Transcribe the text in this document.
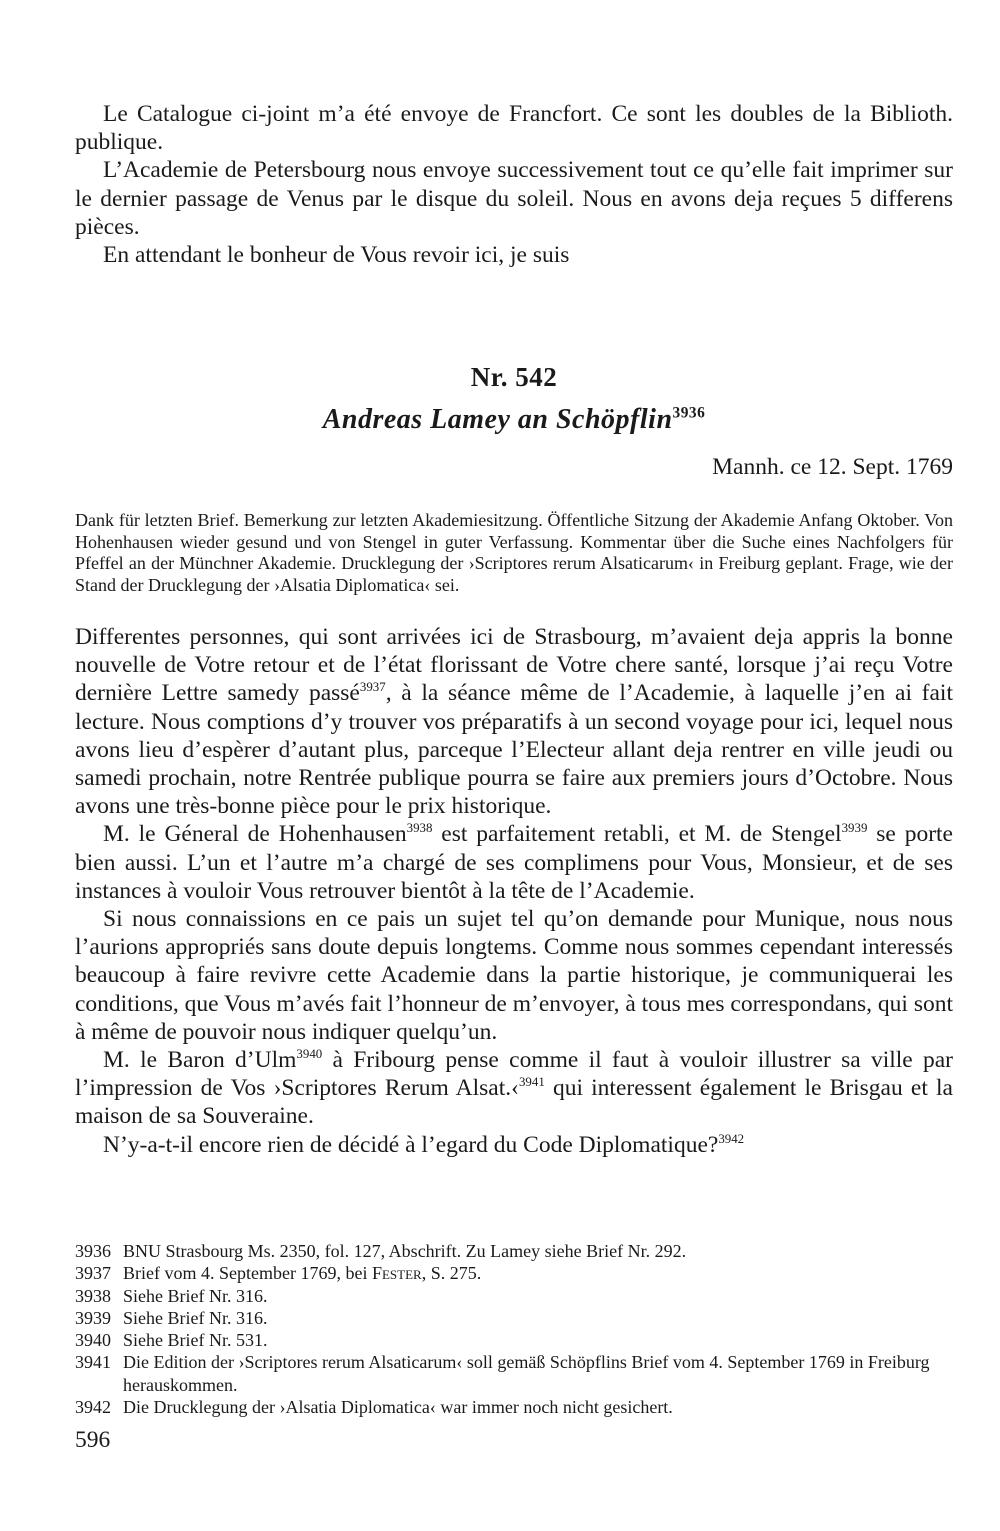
Le Catalogue ci-joint m’a été envoye de Francfort. Ce sont les doubles de la Biblioth. publique.

L’Academie de Petersbourg nous envoye successivement tout ce qu’elle fait imprimer sur le dernier passage de Venus par le disque du soleil. Nous en avons deja reçues 5 differens pièces.

En attendant le bonheur de Vous revoir ici, je suis

Nr. 542
Andreas Lamey an Schöpflin$^{3936}$

Mannh. ce 12. Sept. 1769

Dank für letzten Brief. Bemerkung zur letzten Akademiesitzung. Öffentliche Sitzung der Akademie Anfang Oktober. Von Hohenhausen wieder gesund und von Stengel in guter Verfassung. Kommentar über die Suche eines Nachfolgers für Pfeffel an der Münchner Akademie. Drucklegung der ›Scriptores rerum Alsaticarum‹ in Freiburg geplant. Frage, wie der Stand der Drucklegung der ›Alsatia Diplomatica‹ sei.

Differentes personnes, qui sont arrivées ici de Strasbourg, m’avaient deja appris la bonne nouvelle de Votre retour et de l’état florissant de Votre chere santé, lorsque j’ai reçu Votre dernière Lettre samedy passé$^{3937}$, à la séance même de l’Academie, à laquelle j’en ai fait lecture. Nous comptions d’y trouver vos préparatifs à un second voyage pour ici, lequel nous avons lieu d’espèrer d’autant plus, parceque l’Electeur allant deja rentrer en ville jeudi ou samedi prochain, notre Rentrée publique pourra se faire aux premiers jours d’Octobre. Nous avons une très-bonne pièce pour le prix historique.

M. le Géneral de Hohenhausen$^{3938}$ est parfaitement retabli, et M. de Stengel$^{3939}$ se porte bien aussi. L’un et l’autre m’a chargé de ses complimens pour Vous, Monsieur, et de ses instances à vouloir Vous retrouver bientôt à la tête de l’Academie.

Si nous connaissions en ce pais un sujet tel qu’on demande pour Munique, nous nous l’aurions appropriés sans doute depuis longtems. Comme nous sommes cependant interessés beaucoup à faire revivre cette Academie dans la partie historique, je communiquerai les conditions, que Vous m’avés fait l’honneur de m’envoyer, à tous mes correspondans, qui sont à même de pouvoir nous indiquer quelqu’un.

M. le Baron d’Ulm$^{3940}$ à Fribourg pense comme il faut à vouloir illustrer sa ville par l’impression de Vos ›Scriptores Rerum Alsat.‹$^{3941}$ qui interessent également le Brisgau et la maison de sa Souveraine.

N’y-a-t-il encore rien de décidé à l’egard du Code Diplomatique?$^{3942}$

3936 BNU Strasbourg Ms. 2350, fol. 127, Abschrift. Zu Lamey siehe Brief Nr. 292.
3937 Brief vom 4. September 1769, bei Fester, S. 275.
3938 Siehe Brief Nr. 316.
3939 Siehe Brief Nr. 316.
3940 Siehe Brief Nr. 531.
3941 Die Edition der ›Scriptores rerum Alsaticarum‹ soll gemäß Schöpflins Brief vom 4. September 1769 in Freiburg herauskommen.
3942 Die Drucklegung der ›Alsatia Diplomatica‹ war immer noch nicht gesichert.

596
